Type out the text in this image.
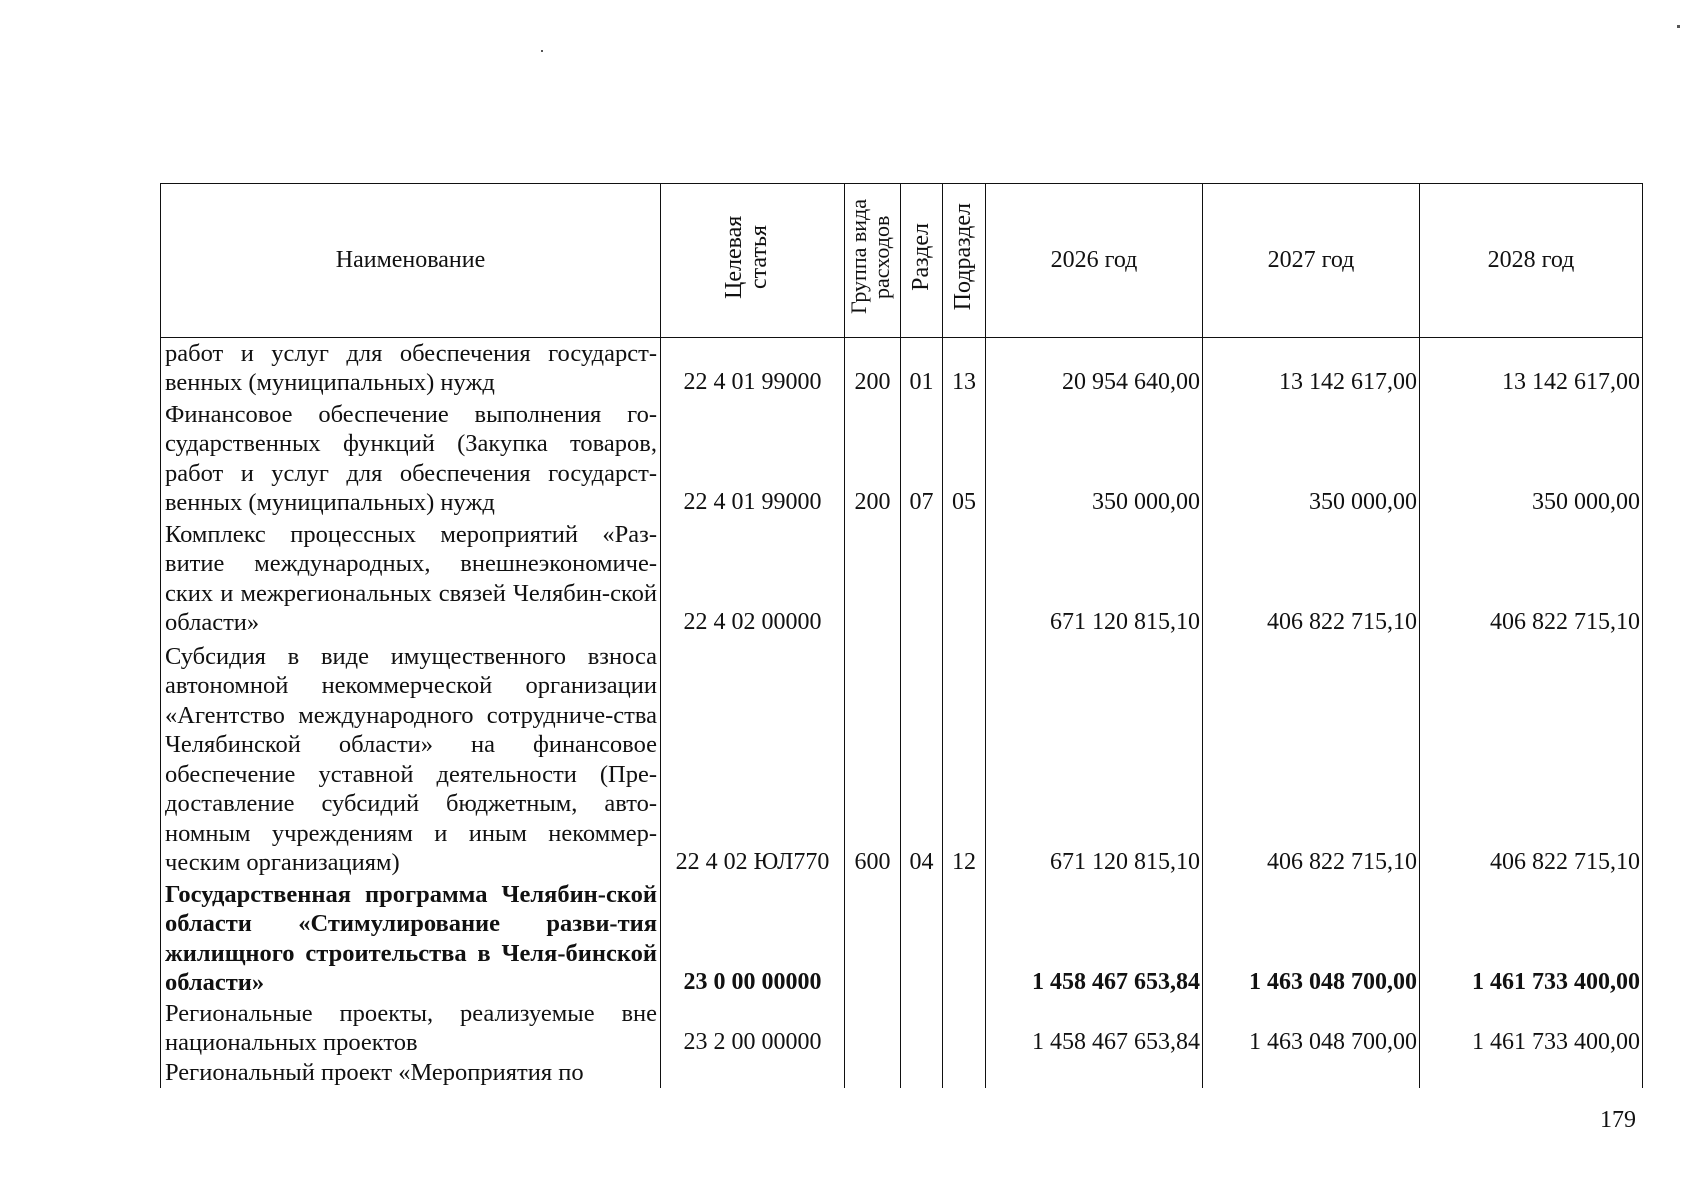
Наименование	Целевая статья	Группа вида расходов	Раздел	Подраздел	2026 год	2027 год	2028 год
работ и услуг для обеспечения государст-венных (муниципальных) нужд	22 4 01 99000	200	01	13	20 954 640,00	13 142 617,00	13 142 617,00
Финансовое обеспечение выполнения го-сударственных функций (Закупка товаров, работ и услуг для обеспечения государст-венных (муниципальных) нужд	22 4 01 99000	200	07	05	350 000,00	350 000,00	350 000,00
Комплекс процессных мероприятий «Раз-витие международных, внешнеэкономиче-ских и межрегиональных связей Челябин-ской области»	22 4 02 00000				671 120 815,10	406 822 715,10	406 822 715,10
Субсидия в виде имущественного взноса автономной некоммерческой организации «Агентство международного сотрудниче-ства Челябинской области» на финансовое обеспечение уставной деятельности (Пре-доставление субсидий бюджетным, авто-номным учреждениям и иным некоммер-ческим организациям)	22 4 02 ЮЛ770	600	04	12	671 120 815,10	406 822 715,10	406 822 715,10
Государственная программа Челябин-ской области «Стимулирование разви-тия жилищного строительства в Челя-бинской области»	23 0 00 00000				1 458 467 653,84	1 463 048 700,00	1 461 733 400,00
Региональные проекты, реализуемые вне национальных проектов	23 2 00 00000				1 458 467 653,84	1 463 048 700,00	1 461 733 400,00
Региональный проект «Мероприятия по							
179
